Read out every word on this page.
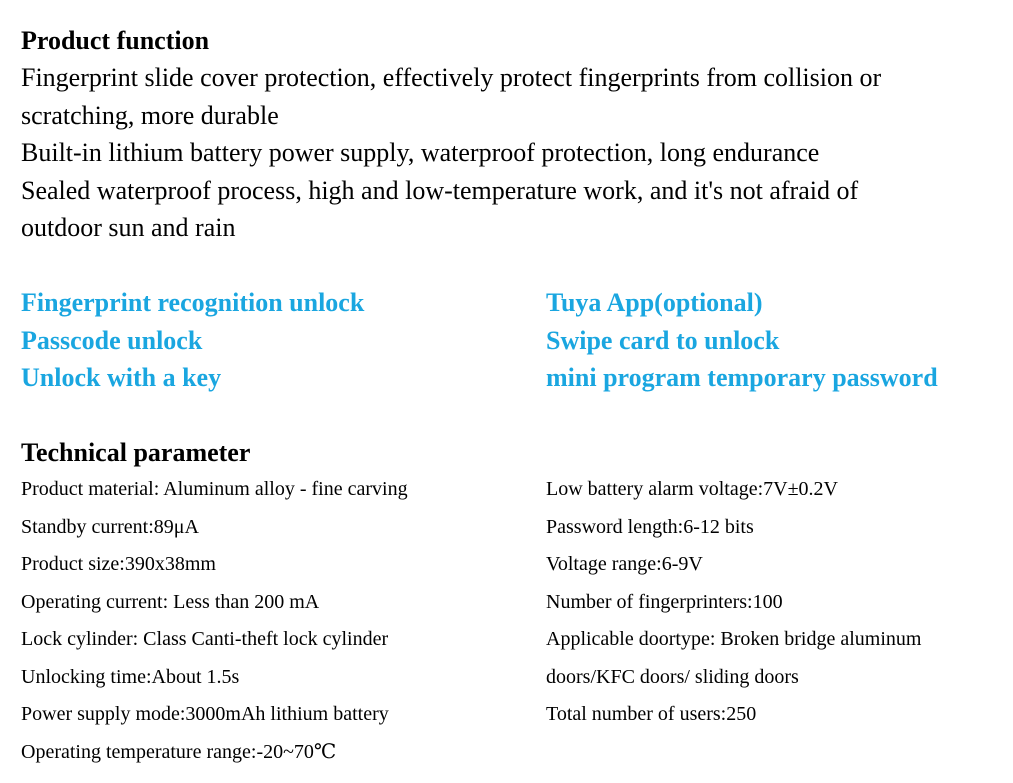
Product function
Fingerprint slide cover protection, effectively protect fingerprints from collision or
scratching, more durable
Built-in lithium battery power supply, waterproof protection, long endurance
Sealed waterproof process, high and low-temperature work, and it's not afraid of
outdoor sun and rain
Fingerprint recognition unlock
Passcode unlock
Unlock with a key
Tuya App(optional)
Swipe card to unlock
mini program temporary password
Technical parameter
Product material: Aluminum alloy - fine carving
Standby current:89μA
Product size:390x38mm
Operating current: Less than 200 mA
Lock cylinder: Class Canti-theft lock cylinder
Unlocking time:About 1.5s
Power supply mode:3000mAh lithium battery
Operating temperature range:-20~70℃
Low battery alarm voltage:7V±0.2V
Password length:6-12 bits
Voltage range:6-9V
Number of fingerprinters:100
Applicable doortype: Broken bridge aluminum
doors/KFC doors/ sliding doors
Total number of users:250
